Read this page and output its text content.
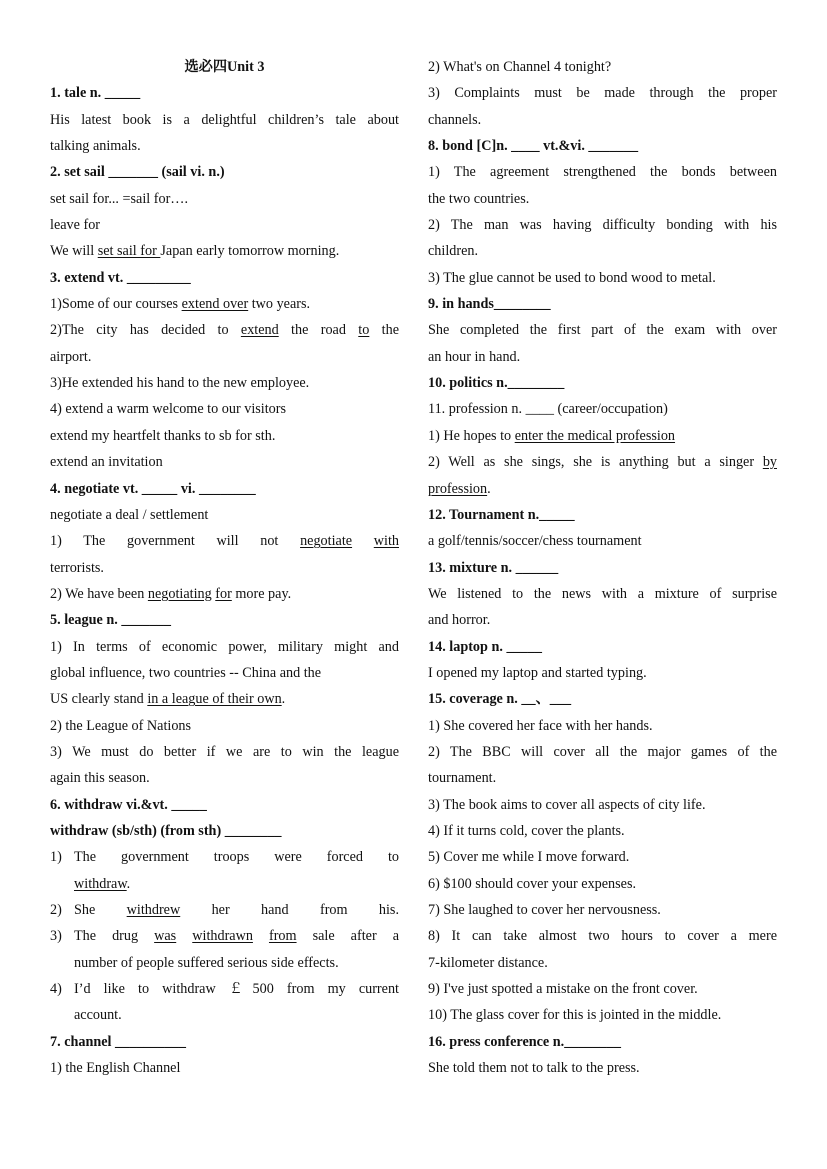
选必四Unit 3
1. tale n. _____
His latest book is a delightful children’s tale about
talking animals.
2. set sail _______ (sail vi. n.)
set sail for... =sail for….
leave for
We will set sail for Japan early tomorrow morning.
3. extend vt. _________
1)Some of our courses extend over two years.
2)The city has decided to extend the road to the
airport.
3)He extended his hand to the new employee.
4) extend a warm welcome to our visitors
extend my heartfelt thanks to sb for sth.
extend an invitation
4. negotiate vt. _____ vi. ________
negotiate a deal / settlement
1) The government will not negotiate with
terrorists.
2) We have been negotiating for more pay.
5. league n. _______
1) In terms of economic power, military might and
global influence, two countries -- China and the
US clearly stand in a league of their own.
2) the League of Nations
3) We must do better if we are to win the league
again this season.
6. withdraw vi.&vt. _____
withdraw (sb/sth) (from sth) ________
1) The government troops were forced to
withdraw.
2) She withdrew her hand from his.
3) The drug was withdrawn from sale after a
number of people suffered serious side effects.
4) I’d like to withdraw ￡500 from my current
account.
7. channel __________
1) the English Channel
2) What's on Channel 4 tonight?
3) Complaints must be made through the proper
channels.
8. bond [C]n. ____ vt.&vi. _______
1) The agreement strengthened the bonds between
the two countries.
2) The man was having difficulty bonding with his
children.
3) The glue cannot be used to bond wood to metal.
9. in hands________
She completed the first part of the exam with over
an hour in hand.
10. politics n.________
11. profession n. ____ (career/occupation)
1) He hopes to enter the medical profession
2) Well as she sings, she is anything but a singer by
profession.
12. Tournament n._____
a golf/tennis/soccer/chess tournament
13. mixture n. ______
We listened to the news with a mixture of surprise
and horror.
14. laptop n. _____
I opened my laptop and started typing.
15. coverage n. __、___
1) She covered her face with her hands.
2) The BBC will cover all the major games of the
tournament.
3) The book aims to cover all aspects of city life.
4) If it turns cold, cover the plants.
5) Cover me while I move forward.
6) $100 should cover your expenses.
7) She laughed to cover her nervousness.
8) It can take almost two hours to cover a mere
7-kilometer distance.
9) I've just spotted a mistake on the front cover.
10) The glass cover for this is jointed in the middle.
16. press conference n.________
She told them not to talk to the press.
